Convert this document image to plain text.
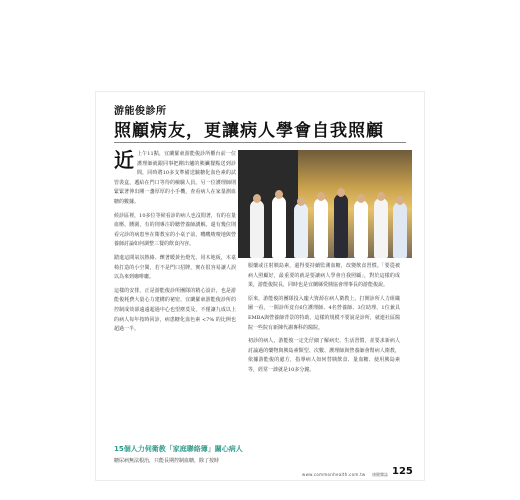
游能俊診所
照顧病友，更讓病人學會自我照顧

近 上午11點，宜蘭羅東游能俊診所櫃台前一位護理師就跟同事把剛出爐的胰臟餐點送到診間，同時將10多支準備送驗糖化血色素的試管裝盒，遞給在門口等待的檢驗人員。另一位護理師則緊緊著伸出剛一盞厚厚的小手機，查看病人在家量測血糖的數據。

候診區裡，10多位等候看診的病人也沒閒著，有的在量血壓、腰圍，有的則專注聆聽營養師講解。還有幾位則看完診的病患坐在衛教室的小桌子前，嘰嘰喳喳地與營養師討論如何調整三餐的飲食內容。

踏進這間氣氛熱絡、繽著暖黃色燈光、用木地板，木桌椅打造的小空間，若不是門口招牌，實在很容易讓人誤以為來到咖啡廳。

這樣的安排，正是游能俊診所團隊的精心設計，也是游能俊耗費大量心力建構的祕密，宜蘭羅東游能俊診所的控制成效卻遠遠超過中心也望塵莫及，不僅讓九成以上的病人每年按時回診，病患糖化血色素 <7% 的比例也超過一半。

服藥或注射胰島素，還得要持續監測血糖，改變飲食習慣。「要從被病人照顧好，最重要的就是要讓病人學會自我照顧」，對於這樣的成果，游能俊院長，同時也是宜蘭縣愛胰協會理事長的游能俊說。

原來，游能俊的團隊投入龐大資源在病人衛教上。打開診所人力組織圖一看，一間診所竟有6位護理師、4名營養師、3位助理、1位兼具EMBA與營養師背景的特助，這樣的規模不要說是診所，就連社區醫院一些院有新陳代謝專科的醫院。

初診的病人，游能俊一定先仔細了解病史、生活習慣，並要求新病人討論過的藥物與胰島素類型、次數、護理師與營養師會幫病人衛教，依據游能俊的處方，指導病人如何替胰飲食、量血糖、使用胰島素等，經常一談就是10多分鐘。

15個人力伺衛教「家庭聯絡簿」關心病人
糖尿病無法根治，只能長期控制血糖，除了按時
www.commonhealth.com.tw 康健雜誌 125
